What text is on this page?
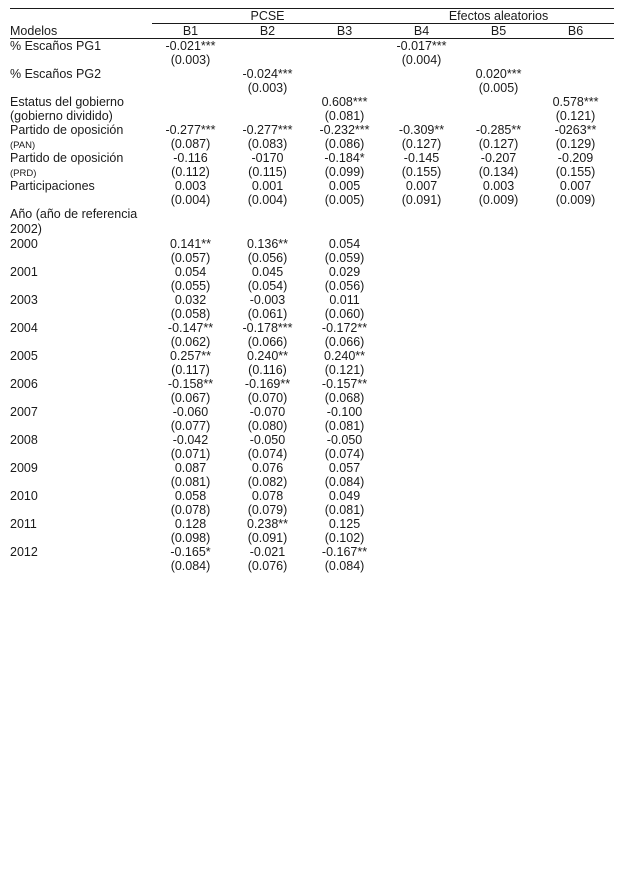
	PCSE			Efectos aleatorios		
Modelos	B1	B2	B3	B4	B5	B6
% Escaños PG1	-0.021***			-0.017***		
	(0.003)			(0.004)		
% Escaños PG2		-0.024***			0.020***	
		(0.003)			(0.005)	
Estatus del gobierno			0.608***			0.578***
(gobierno dividido)			(0.081)			(0.121)
Partido de oposición	-0.277***	-0.277***	-0.232***	-0.309**	-0.285**	-0263**
(PAN)	(0.087)	(0.083)	(0.086)	(0.127)	(0.127)	(0.129)
Partido de oposición	-0.116	-0170	-0.184*	-0.145	-0.207	-0.209
(PRD)	(0.112)	(0.115)	(0.099)	(0.155)	(0.134)	(0.155)
Participaciones	0.003	0.001	0.005	0.007	0.003	0.007
	(0.004)	(0.004)	(0.005)	(0.091)	(0.009)	(0.009)
Año (año de referencia 2002)						
2000	0.141**	0.136**	0.054			
	(0.057)	(0.056)	(0.059)			
2001	0.054	0.045	0.029			
	(0.055)	(0.054)	(0.056)			
2003	0.032	-0.003	0.011			
	(0.058)	(0.061)	(0.060)			
2004	-0.147**	-0.178***	-0.172**			
	(0.062)	(0.066)	(0.066)			
2005	0.257**	0.240**	0.240**			
	(0.117)	(0.116)	(0.121)			
2006	-0.158**	-0.169**	-0.157**			
	(0.067)	(0.070)	(0.068)			
2007	-0.060	-0.070	-0.100			
	(0.077)	(0.080)	(0.081)			
2008	-0.042	-0.050	-0.050			
	(0.071)	(0.074)	(0.074)			
2009	0.087	0.076	0.057			
	(0.081)	(0.082)	(0.084)			
2010	0.058	0.078	0.049			
	(0.078)	(0.079)	(0.081)			
2011	0.128	0.238**	0.125			
	(0.098)	(0.091)	(0.102)			
2012	-0.165*	-0.021	-0.167**			
	(0.084)	(0.076)	(0.084)			
